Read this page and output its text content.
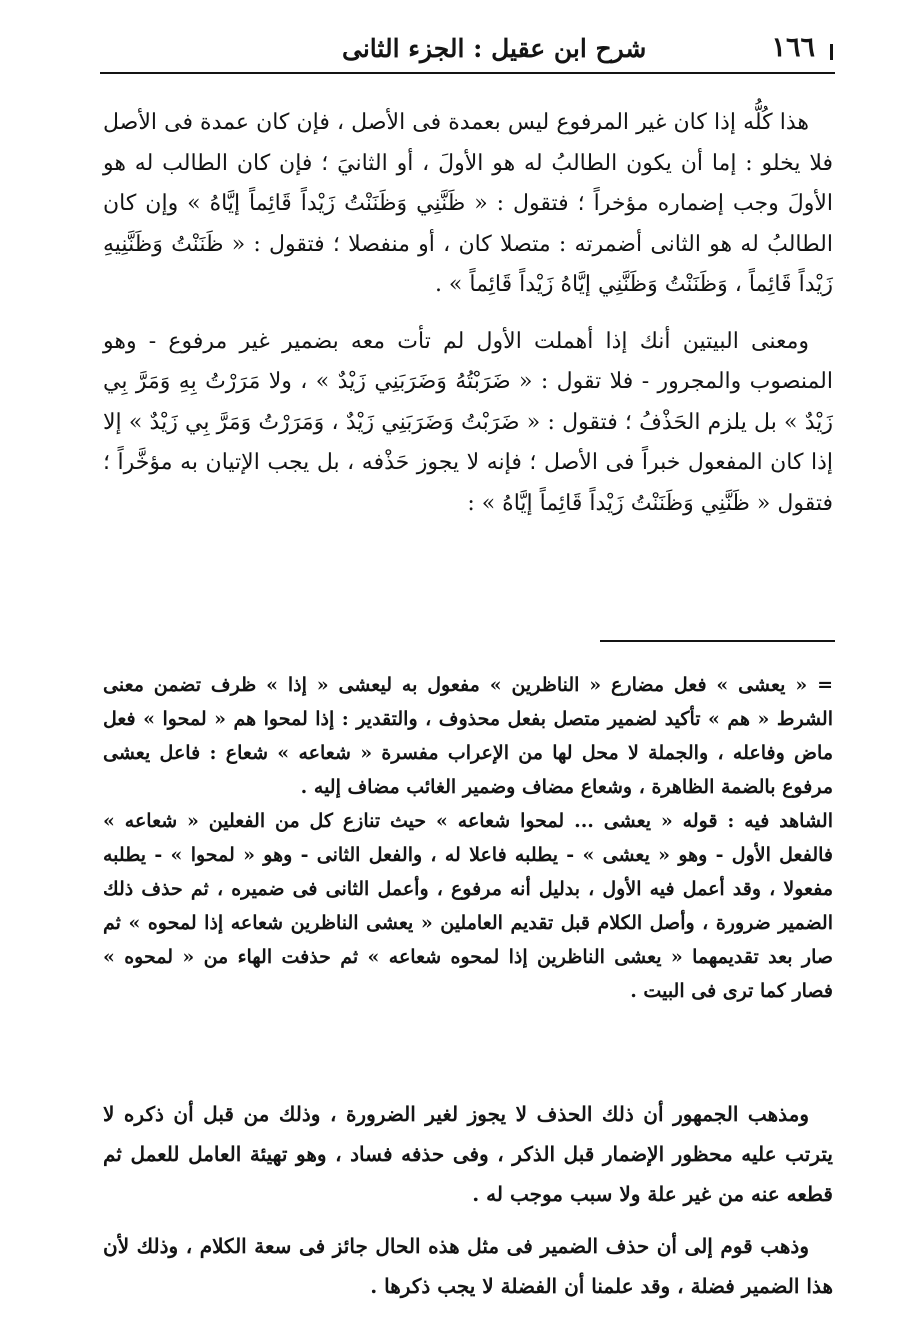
١٦٦
شرح ابن عقيل : الجزء الثانى

هذا كُلُّه إذا كان غير المرفوع ليس بعمدة فى الأصل ، فإن كان عمدة فى الأصل فلا يخلو : إما أن يكون الطالبُ له هو الأولَ ، أو الثانيَ ؛ فإن كان الطالب له هو الأولَ وجب إضماره مؤخراً ؛ فتقول : « ظَنَّنِي وَظَنَنْتُ زَيْداً قَائِماً إيَّاهُ » وإن كان الطالبُ له هو الثانى أضمرته : متصلا كان ، أو منفصلا ؛ فتقول : « ظَنَنْتُ وَظَنَّنِيهِ زَيْداً قَائِماً ، وَظَنَنْتُ وَظَنَّنِي إيَّاهُ زَيْداً قَائِماً » .

ومعنى البيتين أنك إذا أهملت الأول لم تأت معه بضمير غير مرفوع - وهو المنصوب والمجرور - فلا تقول : « ضَرَبْتُهُ وَضَرَبَنِي زَيْدٌ » ، ولا مَرَرْتُ بِهِ وَمَرَّ بِي زَيْدٌ » بل يلزم الحَذْفُ ؛ فتقول : « ضَرَبْتُ وَضَرَبَنِي زَيْدٌ ، وَمَرَرْتُ وَمَرَّ بِي زَيْدٌ » إلا إذا كان المفعول خبراً فى الأصل ؛ فإنه لا يجوز حَذْفه ، بل يجب الإتيان به مؤخَّراً ؛ فتقول « ظَنَّنِي وَظَنَنْتُ زَيْداً قَائِماً إيَّاهُ » :

= « يعشى » فعل مضارع « الناظرين » مفعول به ليعشى « إذا » ظرف تضمن معنى الشرط « هم » تأكيد لضمير متصل بفعل محذوف ، والتقدير : إذا لمحوا هم « لمحوا » فعل ماض وفاعله ، والجملة لا محل لها من الإعراب مفسرة « شعاعه » شعاع : فاعل يعشى مرفوع بالضمة الظاهرة ، وشعاع مضاف وضمير الغائب مضاف إليه .

الشاهد فيه : قوله « يعشى ... لمحوا شعاعه » حيث تنازع كل من الفعلين « شعاعه » فالفعل الأول - وهو « يعشى » - يطلبه فاعلا له ، والفعل الثانى - وهو « لمحوا » - يطلبه مفعولا ، وقد أعمل فيه الأول ، بدليل أنه مرفوع ، وأعمل الثانى فى ضميره ، ثم حذف ذلك الضمير ضرورة ، وأصل الكلام قبل تقديم العاملين « يعشى الناظرين شعاعه إذا لمحوه » ثم صار بعد تقديمهما « يعشى الناظرين إذا لمحوه شعاعه » ثم حذفت الهاء من « لمحوه » فصار كما ترى فى البيت .

ومذهب الجمهور أن ذلك الحذف لا يجوز لغير الضرورة ، وذلك من قبل أن ذكره لا يترتب عليه محظور الإضمار قبل الذكر ، وفى حذفه فساد ، وهو تهيئة العامل للعمل ثم قطعه عنه من غير علة ولا سبب موجب له .

وذهب قوم إلى أن حذف الضمير فى مثل هذه الحال جائز فى سعة الكلام ، وذلك لأن هذا الضمير فضلة ، وقد علمنا أن الفضلة لا يجب ذكرها .
